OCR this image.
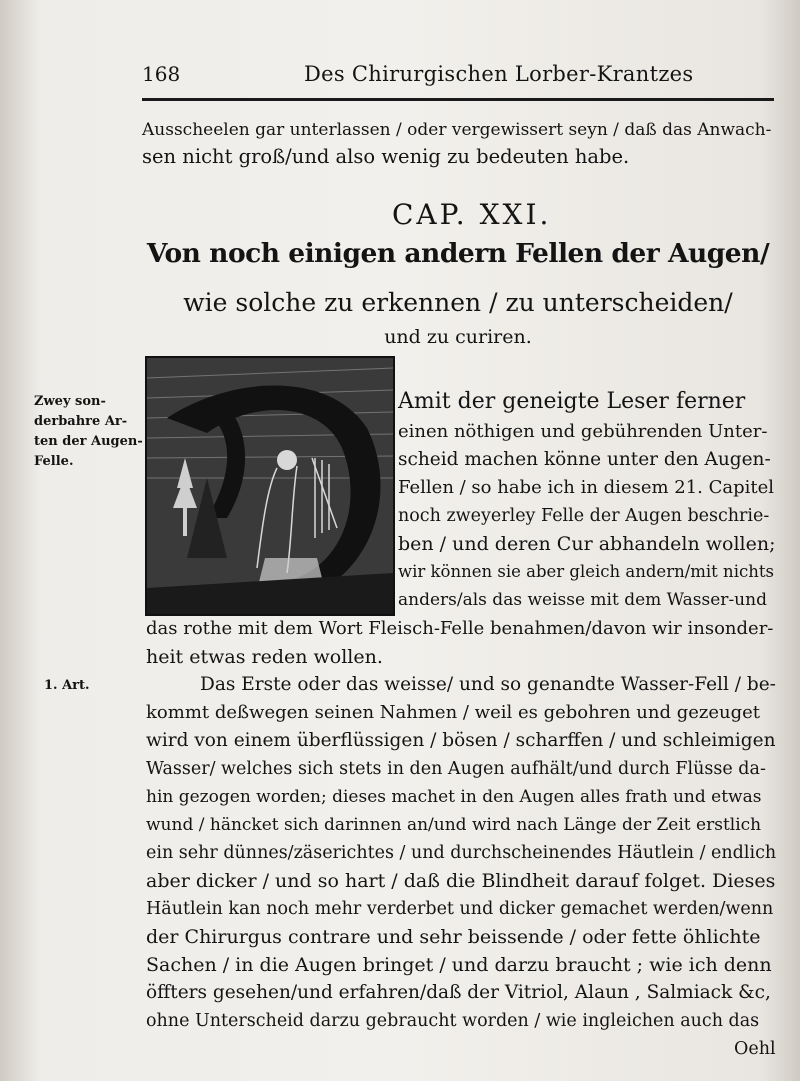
168	Des Chirurgischen Lorber-Krantzes
Ausscheelen gar unterlassen / oder vergewissert seyn / daß das Anwach-
sen nicht groß/und also wenig zu bedeuten habe.
CAP. XXI.
Von noch einigen andern Fellen der Augen/
wie solche zu erkennen / zu unterscheiden/
und zu curiren.
Zwey son-
derbahre Ar-
ten der Augen-
Felle.
1. Art.
Amit der geneigte Leser ferner
einen nöthigen und gebührenden Unter-
scheid machen könne unter den Augen-
Fellen / so habe ich in diesem 21. Capitel
noch zweyerley Felle der Augen beschrie-
ben / und deren Cur abhandeln wollen;
wir können sie aber gleich andern/mit nichts
anders/als das weisse mit dem Wasser-und
das rothe mit dem Wort Fleisch-Felle benahmen/davon wir insonder-
heit etwas reden wollen.
Das Erste oder das weisse/ und so genandte Wasser-Fell / be-
kommt deßwegen seinen Nahmen / weil es gebohren und gezeuget
wird von einem überflüssigen / bösen / scharffen / und schleimigen
Wasser/ welches sich stets in den Augen aufhält/und durch Flüsse da-
hin gezogen worden; dieses machet in den Augen alles frath und etwas
wund / häncket sich darinnen an/und wird nach Länge der Zeit erstlich
ein sehr dünnes/zäserichtes / und durchscheinendes Häutlein / endlich
aber dicker / und so hart / daß die Blindheit darauf folget. Dieses
Häutlein kan noch mehr verderbet und dicker gemachet werden/wenn
der Chirurgus contrare und sehr beissende / oder fette öhlichte
Sachen / in die Augen bringet / und darzu braucht ; wie ich denn
öffters gesehen/und erfahren/daß der Vitriol, Alaun , Salmiack &c,
ohne Unterscheid darzu gebraucht worden / wie ingleichen auch das
Oehl
